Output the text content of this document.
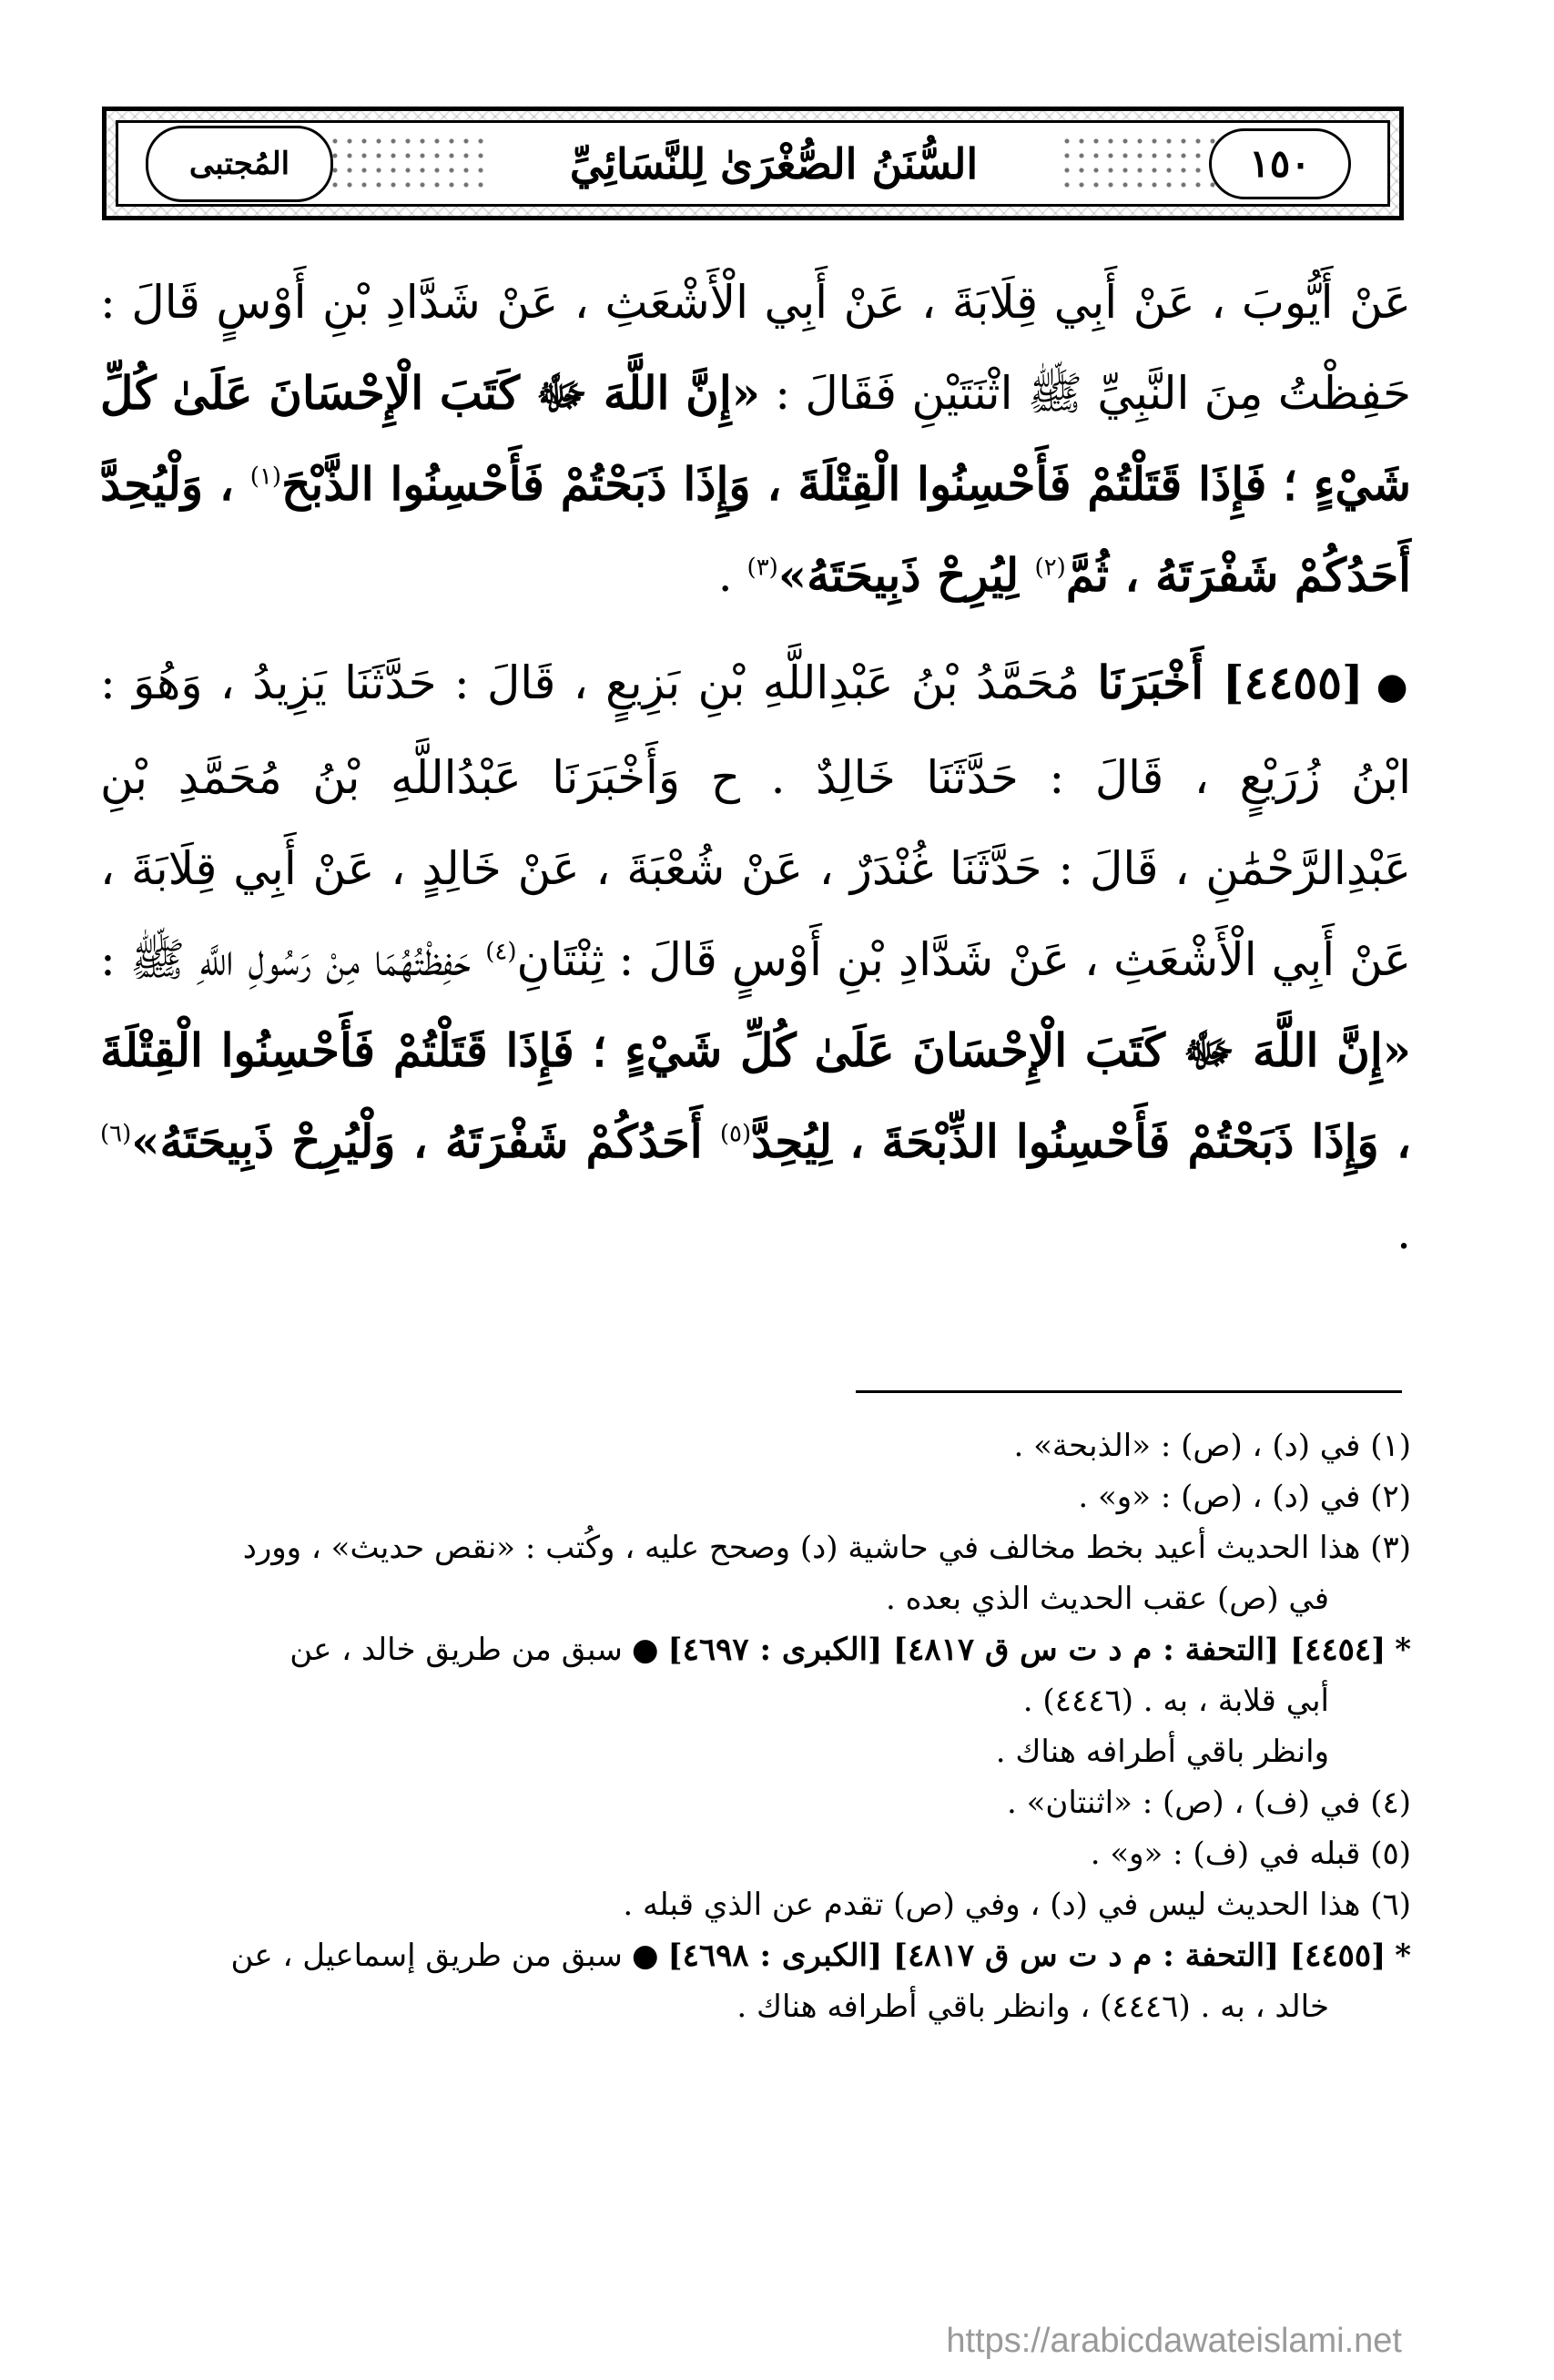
السُّنَنُ الصُّغْرَىٰ لِلنَّسَائِيِّ	١٥٠
المُجتبى

عَنْ أَيُّوبَ ، عَنْ أَبِي قِلَابَةَ ، عَنْ أَبِي الْأَشْعَثِ ، عَنْ شَدَّادِ بْنِ أَوْسٍ قَالَ : حَفِظْتُ مِنَ النَّبِيِّ ﷺ اثْنَتَيْنِ فَقَالَ : «إِنَّ اللَّهَ ﷻ كَتَبَ الْإِحْسَانَ عَلَىٰ كُلِّ شَيْءٍ ؛ فَإِذَا قَتَلْتُمْ فَأَحْسِنُوا الْقِتْلَةَ ، وَإِذَا ذَبَحْتُمْ فَأَحْسِنُوا الذَّبْحَ$^{(١)}$ ، وَلْيُحِدَّ أَحَدُكُمْ شَفْرَتَهُ ، ثُمَّ$^{(٢)}$ لِيُرِحْ ذَبِيحَتَهُ»$^{(٣)}$ .

●[٤٤٥٥] أَخْبَرَنَا مُحَمَّدُ بْنُ عَبْدِاللَّهِ بْنِ بَزِيعٍ ، قَالَ : حَدَّثَنَا يَزِيدُ ، وَهُوَ : ابْنُ زُرَيْعٍ ، قَالَ : حَدَّثَنَا خَالِدٌ . ح وَأَخْبَرَنَا عَبْدُاللَّهِ بْنُ مُحَمَّدِ بْنِ عَبْدِالرَّحْمَٰنِ ، قَالَ : حَدَّثَنَا غُنْدَرٌ ، عَنْ شُعْبَةَ ، عَنْ خَالِدٍ ، عَنْ أَبِي قِلَابَةَ ، عَنْ أَبِي الْأَشْعَثِ ، عَنْ شَدَّادِ بْنِ أَوْسٍ قَالَ : ثِنْتَانِ$^{(٤)}$ حَفِظْتُهُمَا مِنْ رَسُولِ اللَّهِ ﷺ : «إِنَّ اللَّهَ ﷻ كَتَبَ الْإِحْسَانَ عَلَىٰ كُلِّ شَيْءٍ ؛ فَإِذَا قَتَلْتُمْ فَأَحْسِنُوا الْقِتْلَةَ ، وَإِذَا ذَبَحْتُمْ فَأَحْسِنُوا الذِّبْحَةَ ، لِيُحِدَّ$^{(٥)}$ أَحَدُكُمْ شَفْرَتَهُ ، وَلْيُرِحْ ذَبِيحَتَهُ»$^{(٦)}$ .

(١) في (د) ، (ص) : «الذبحة» .

(٢) في (د) ، (ص) : «و» .

(٣) هذا الحديث أعيد بخط مخالف في حاشية (د) وصحح عليه ، وكُتب : «نقص حديث» ، وورد

في (ص) عقب الحديث الذي بعده .

*[٤٤٥٤] [التحفة : م د ت س ق ٤٨١٧] [الكبرى : ٤٦٩٧]●سبق من طريق خالد ، عن

أبي قلابة ، به . (٤٤٤٦) .

وانظر باقي أطرافه هناك .

(٤) في (ف) ، (ص) : «اثنتان» .

(٥) قبله في (ف) : «و» .

(٦) هذا الحديث ليس في (د) ، وفي (ص) تقدم عن الذي قبله .

*[٤٤٥٥] [التحفة : م د ت س ق ٤٨١٧] [الكبرى : ٤٦٩٨]●سبق من طريق إسماعيل ، عن

خالد ، به . (٤٤٤٦) ، وانظر باقي أطرافه هناك .

https://arabicdawateislami.net
